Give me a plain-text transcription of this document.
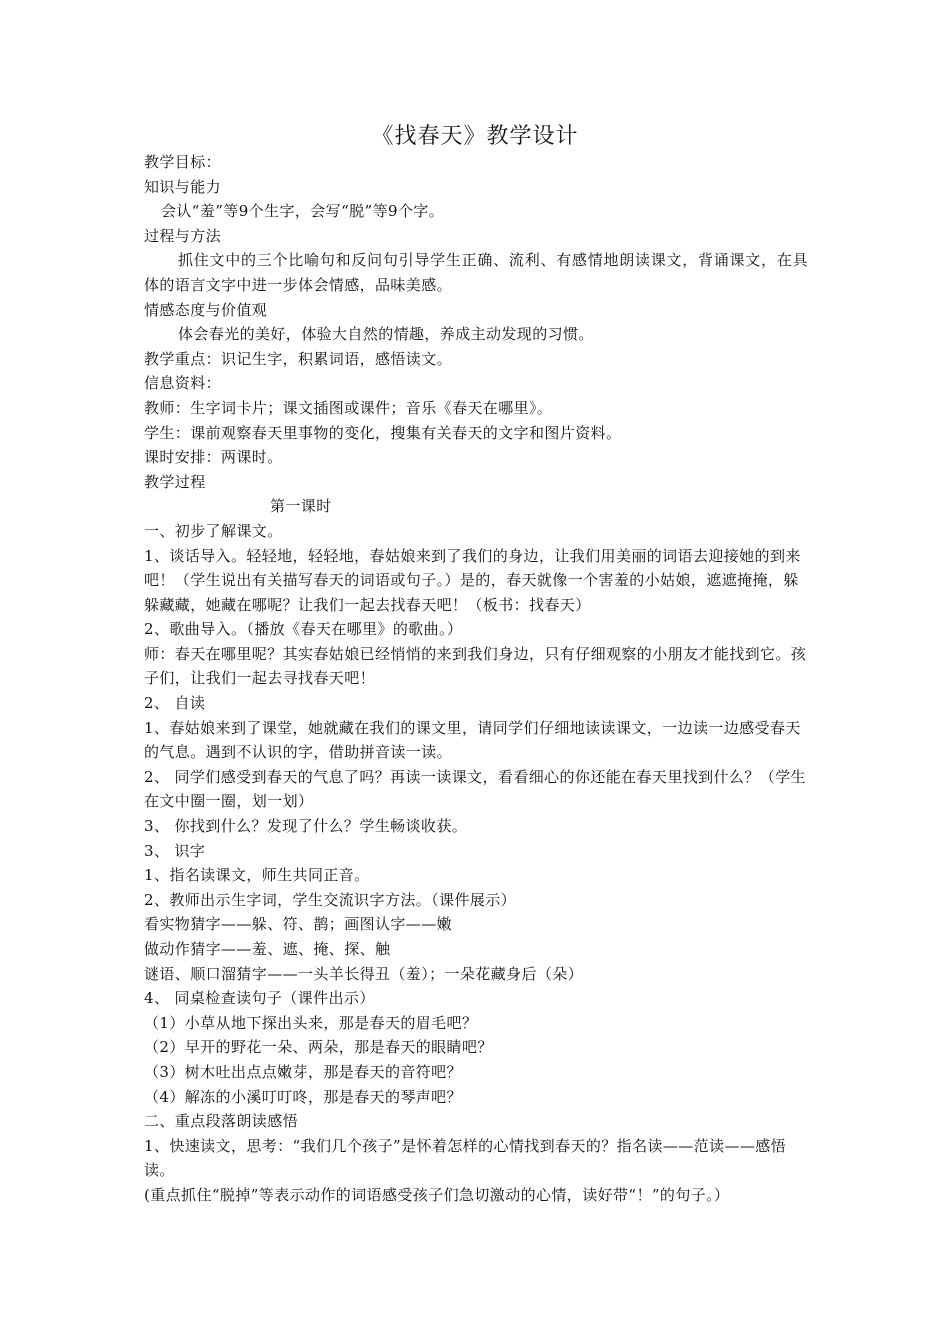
《找春天》教学设计

教学目标：

知识与能力

会认“羞”等9个生字，会写“脱”等9个字。

过程与方法

抓住文中的三个比喻句和反问句引导学生正确、流利、有感情地朗读课文，背诵课文，在具体的语言文字中进一步体会情感，品味美感。

情感态度与价值观

体会春光的美好，体验大自然的情趣，养成主动发现的习惯。

教学重点：识记生字，积累词语，感悟读文。

信息资料：

教师：生字词卡片；课文插图或课件；音乐《春天在哪里》。

学生：课前观察春天里事物的变化，搜集有关春天的文字和图片资料。

课时安排：两课时。

教学过程

第一课时

一、初步了解课文。

1、谈话导入。轻轻地，轻轻地，春姑娘来到了我们的身边，让我们用美丽的词语去迎接她的到来吧！（学生说出有关描写春天的词语或句子。）是的，春天就像一个害羞的小姑娘，遮遮掩掩，躲躲藏藏，她藏在哪呢？让我们一起去找春天吧！（板书：找春天）

2、歌曲导入。（播放《春天在哪里》的歌曲。）

师：春天在哪里呢？其实春姑娘已经悄悄的来到我们身边，只有仔细观察的小朋友才能找到它。孩子们，让我们一起去寻找春天吧！

2、 自读

1、春姑娘来到了课堂，她就藏在我们的课文里，请同学们仔细地读读课文，一边读一边感受春天的气息。遇到不认识的字，借助拼音读一读。

2、 同学们感受到春天的气息了吗？再读一读课文，看看细心的你还能在春天里找到什么？（学生在文中圈一圈，划一划）

3、 你找到什么？发现了什么？学生畅谈收获。

3、 识字

1、指名读课文，师生共同正音。

2、教师出示生字词，学生交流识字方法。（课件展示）

看实物猜字——躲、符、鹊；画图认字——嫩

做动作猜字——羞、遮、掩、探、触

谜语、顺口溜猜字——一头羊长得丑（羞）；一朵花藏身后（朵）

4、 同桌检查读句子（课件出示）

（1）小草从地下探出头来，那是春天的眉毛吧？

（2）早开的野花一朵、两朵，那是春天的眼睛吧？

（3）树木吐出点点嫩芽，那是春天的音符吧？

（4）解冻的小溪叮叮咚，那是春天的琴声吧？

二、重点段落朗读感悟

1、快速读文，思考：“我们几个孩子”是怀着怎样的心情找到春天的？指名读——范读——感悟读。

(重点抓住“脱掉”等表示动作的词语感受孩子们急切激动的心情，读好带“！”的句子。）
